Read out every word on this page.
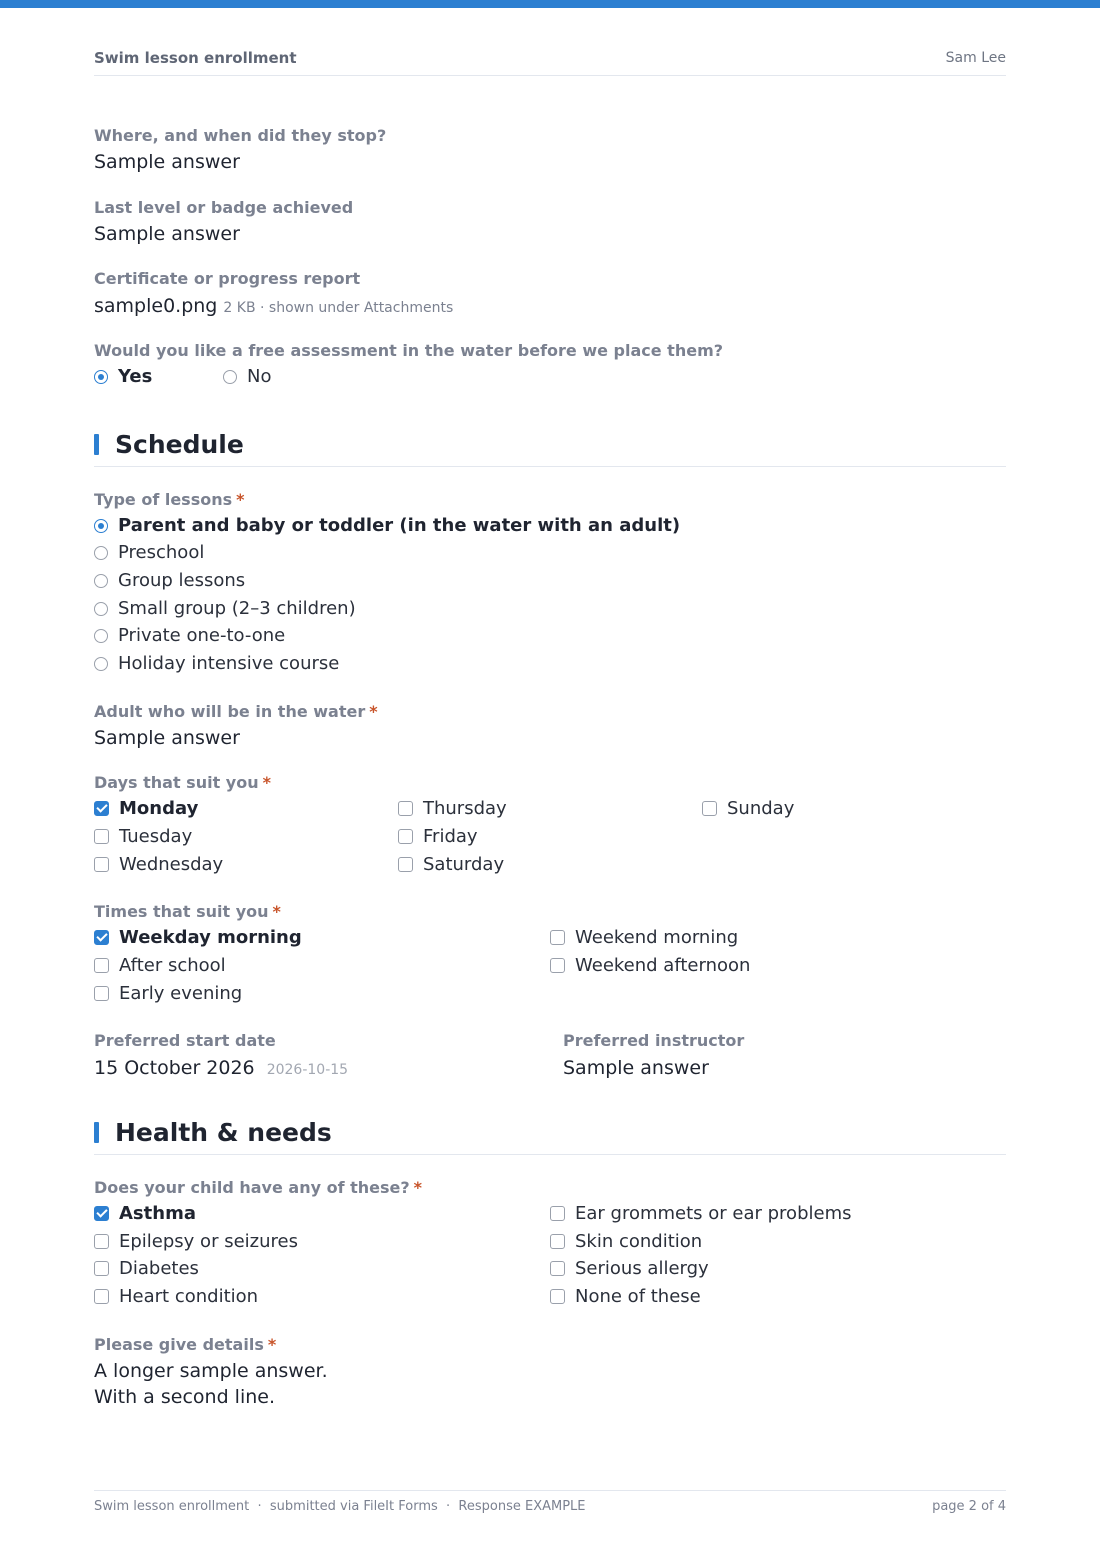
Swim lesson enrollment	Sam Lee
Where, and when did they stop?
Sample answer
Last level or badge achieved
Sample answer
Certificate or progress report
sample0.png 2 KB · shown under Attachments
Would you like a free assessment in the water before we place them?
Yes	No
Schedule
Type of lessons *
Parent and baby or toddler (in the water with an adult)
Preschool
Group lessons
Small group (2–3 children)
Private one-to-one
Holiday intensive course
Adult who will be in the water *
Sample answer
Days that suit you *
Monday
Tuesday
Wednesday
Thursday
Friday
Saturday
Sunday
Times that suit you *
Weekday morning
After school
Early evening
Weekend morning
Weekend afternoon
Preferred start date
15 October 2026 2026-10-15
Preferred instructor
Sample answer
Health & needs
Does your child have any of these? *
Asthma
Epilepsy or seizures
Diabetes
Heart condition
Ear grommets or ear problems
Skin condition
Serious allergy
None of these
Please give details *
A longer sample answer.
With a second line.
Swim lesson enrollment  ·  submitted via FileIt Forms  ·  Response EXAMPLE	page 2 of 4
